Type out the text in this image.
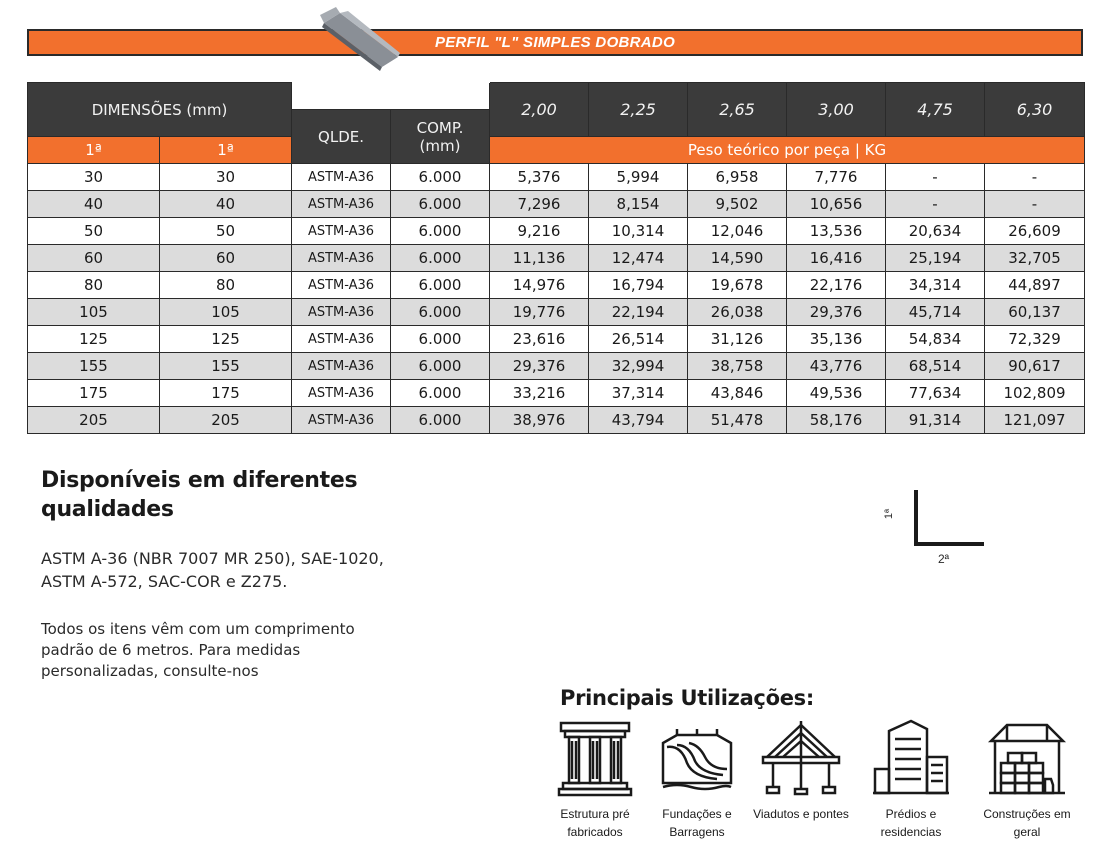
PERFIL "L" SIMPLES DOBRADO
DIMENSÕES (mm)				2,00	2,25	2,65	3,00	4,75	6,30
		QLDE.	COMP.
(mm)						
1ª	1ª			Peso teórico por peça | KG					
30	30	ASTM-A36	6.000	5,376	5,994	6,958	7,776	-	-
40	40	ASTM-A36	6.000	7,296	8,154	9,502	10,656	-	-
50	50	ASTM-A36	6.000	9,216	10,314	12,046	13,536	20,634	26,609
60	60	ASTM-A36	6.000	11,136	12,474	14,590	16,416	25,194	32,705
80	80	ASTM-A36	6.000	14,976	16,794	19,678	22,176	34,314	44,897
105	105	ASTM-A36	6.000	19,776	22,194	26,038	29,376	45,714	60,137
125	125	ASTM-A36	6.000	23,616	26,514	31,126	35,136	54,834	72,329
155	155	ASTM-A36	6.000	29,376	32,994	38,758	43,776	68,514	90,617
175	175	ASTM-A36	6.000	33,216	37,314	43,846	49,536	77,634	102,809
205	205	ASTM-A36	6.000	38,976	43,794	51,478	58,176	91,314	121,097
Disponíveis em diferentes qualidades
ASTM A-36 (NBR 7007 MR 250), SAE-1020, ASTM A-572, SAC-COR e Z275.
Todos os itens vêm com um comprimento padrão de 6 metros. Para medidas personalizadas, consulte-nos
1ª
2ª
Principais Utilizações:
Estrutura pré fabricados
Fundações e Barragens
Viadutos e pontes	Prédios e residencias
Construções em geral
